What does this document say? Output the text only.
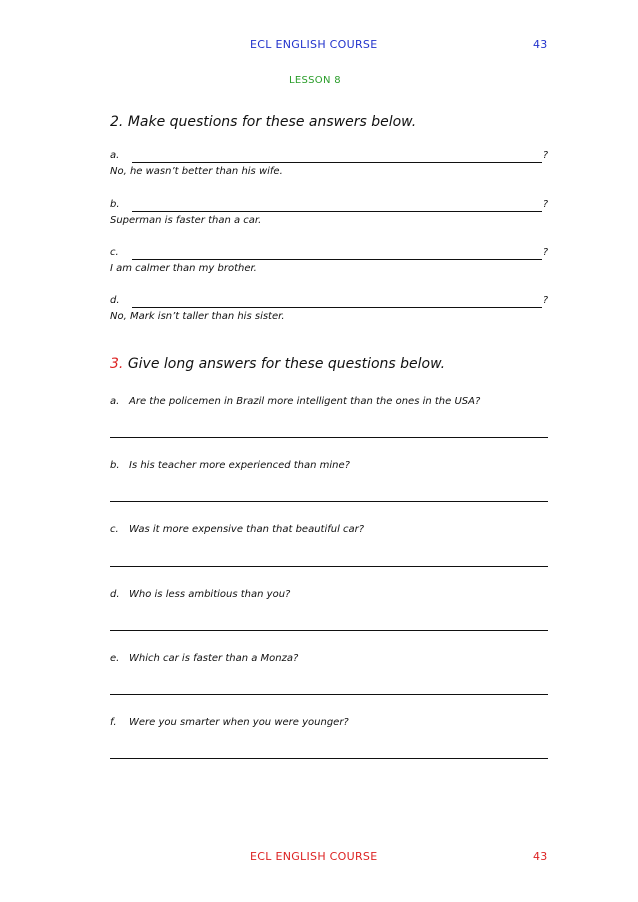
ECL ENGLISH COURSE	43
LESSON 8
2. Make questions for these answers below.
a.	?
No, he wasn’t better than his wife.
b.	?
Superman is faster than a car.
c.	?
I am calmer than my brother.
d.	?
No, Mark isn’t taller than his sister.
3. Give long answers for these questions below.
a. Are the policemen in Brazil more intelligent than the ones in the USA?
b. Is his teacher more experienced than mine?
c. Was it more expensive than that beautiful car?
d. Who is less ambitious than you?
e. Which car is faster than a Monza?
f. Were you smarter when you were younger?
ECL ENGLISH COURSE	43
